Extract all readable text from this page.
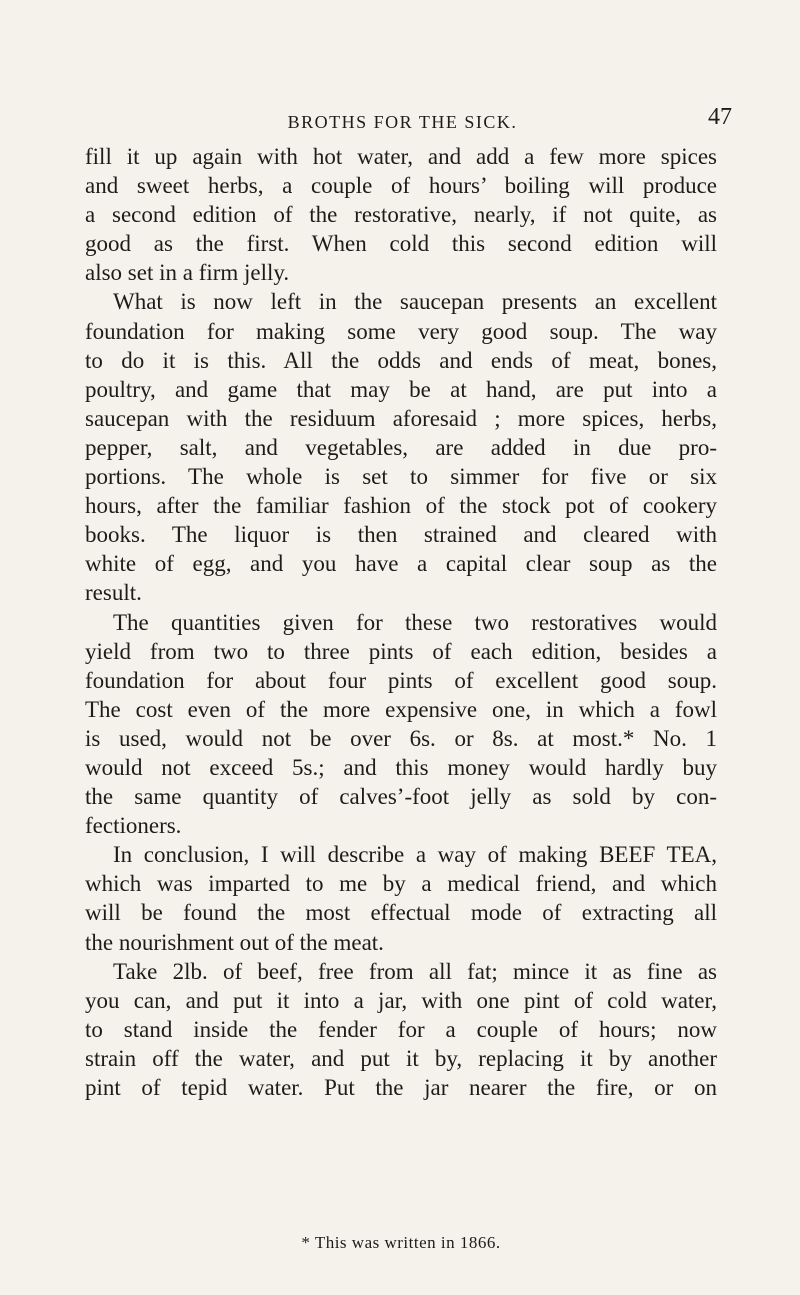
BROTHS FOR THE SICK.	47
fill it up again with hot water, and add a few more spices
and sweet herbs, a couple of hours’ boiling will produce
a second edition of the restorative, nearly, if not quite, as
good as the first. When cold this second edition will
also set in a firm jelly.
What is now left in the saucepan presents an excellent
foundation for making some very good soup. The way
to do it is this. All the odds and ends of meat, bones,
poultry, and game that may be at hand, are put into a
saucepan with the residuum aforesaid ; more spices, herbs,
pepper, salt, and vegetables, are added in due pro-
portions. The whole is set to simmer for five or six
hours, after the familiar fashion of the stock pot of cookery
books. The liquor is then strained and cleared with
white of egg, and you have a capital clear soup as the
result.
The quantities given for these two restoratives would
yield from two to three pints of each edition, besides a
foundation for about four pints of excellent good soup.
The cost even of the more expensive one, in which a fowl
is used, would not be over 6s. or 8s. at most.* No. 1
would not exceed 5s.; and this money would hardly buy
the same quantity of calves’-foot jelly as sold by con-
fectioners.
In conclusion, I will describe a way of making BEEF TEA,
which was imparted to me by a medical friend, and which
will be found the most effectual mode of extracting all
the nourishment out of the meat.
Take 2lb. of beef, free from all fat; mince it as fine as
you can, and put it into a jar, with one pint of cold water,
to stand inside the fender for a couple of hours; now
strain off the water, and put it by, replacing it by another
pint of tepid water. Put the jar nearer the fire, or on
* This was written in 1866.
